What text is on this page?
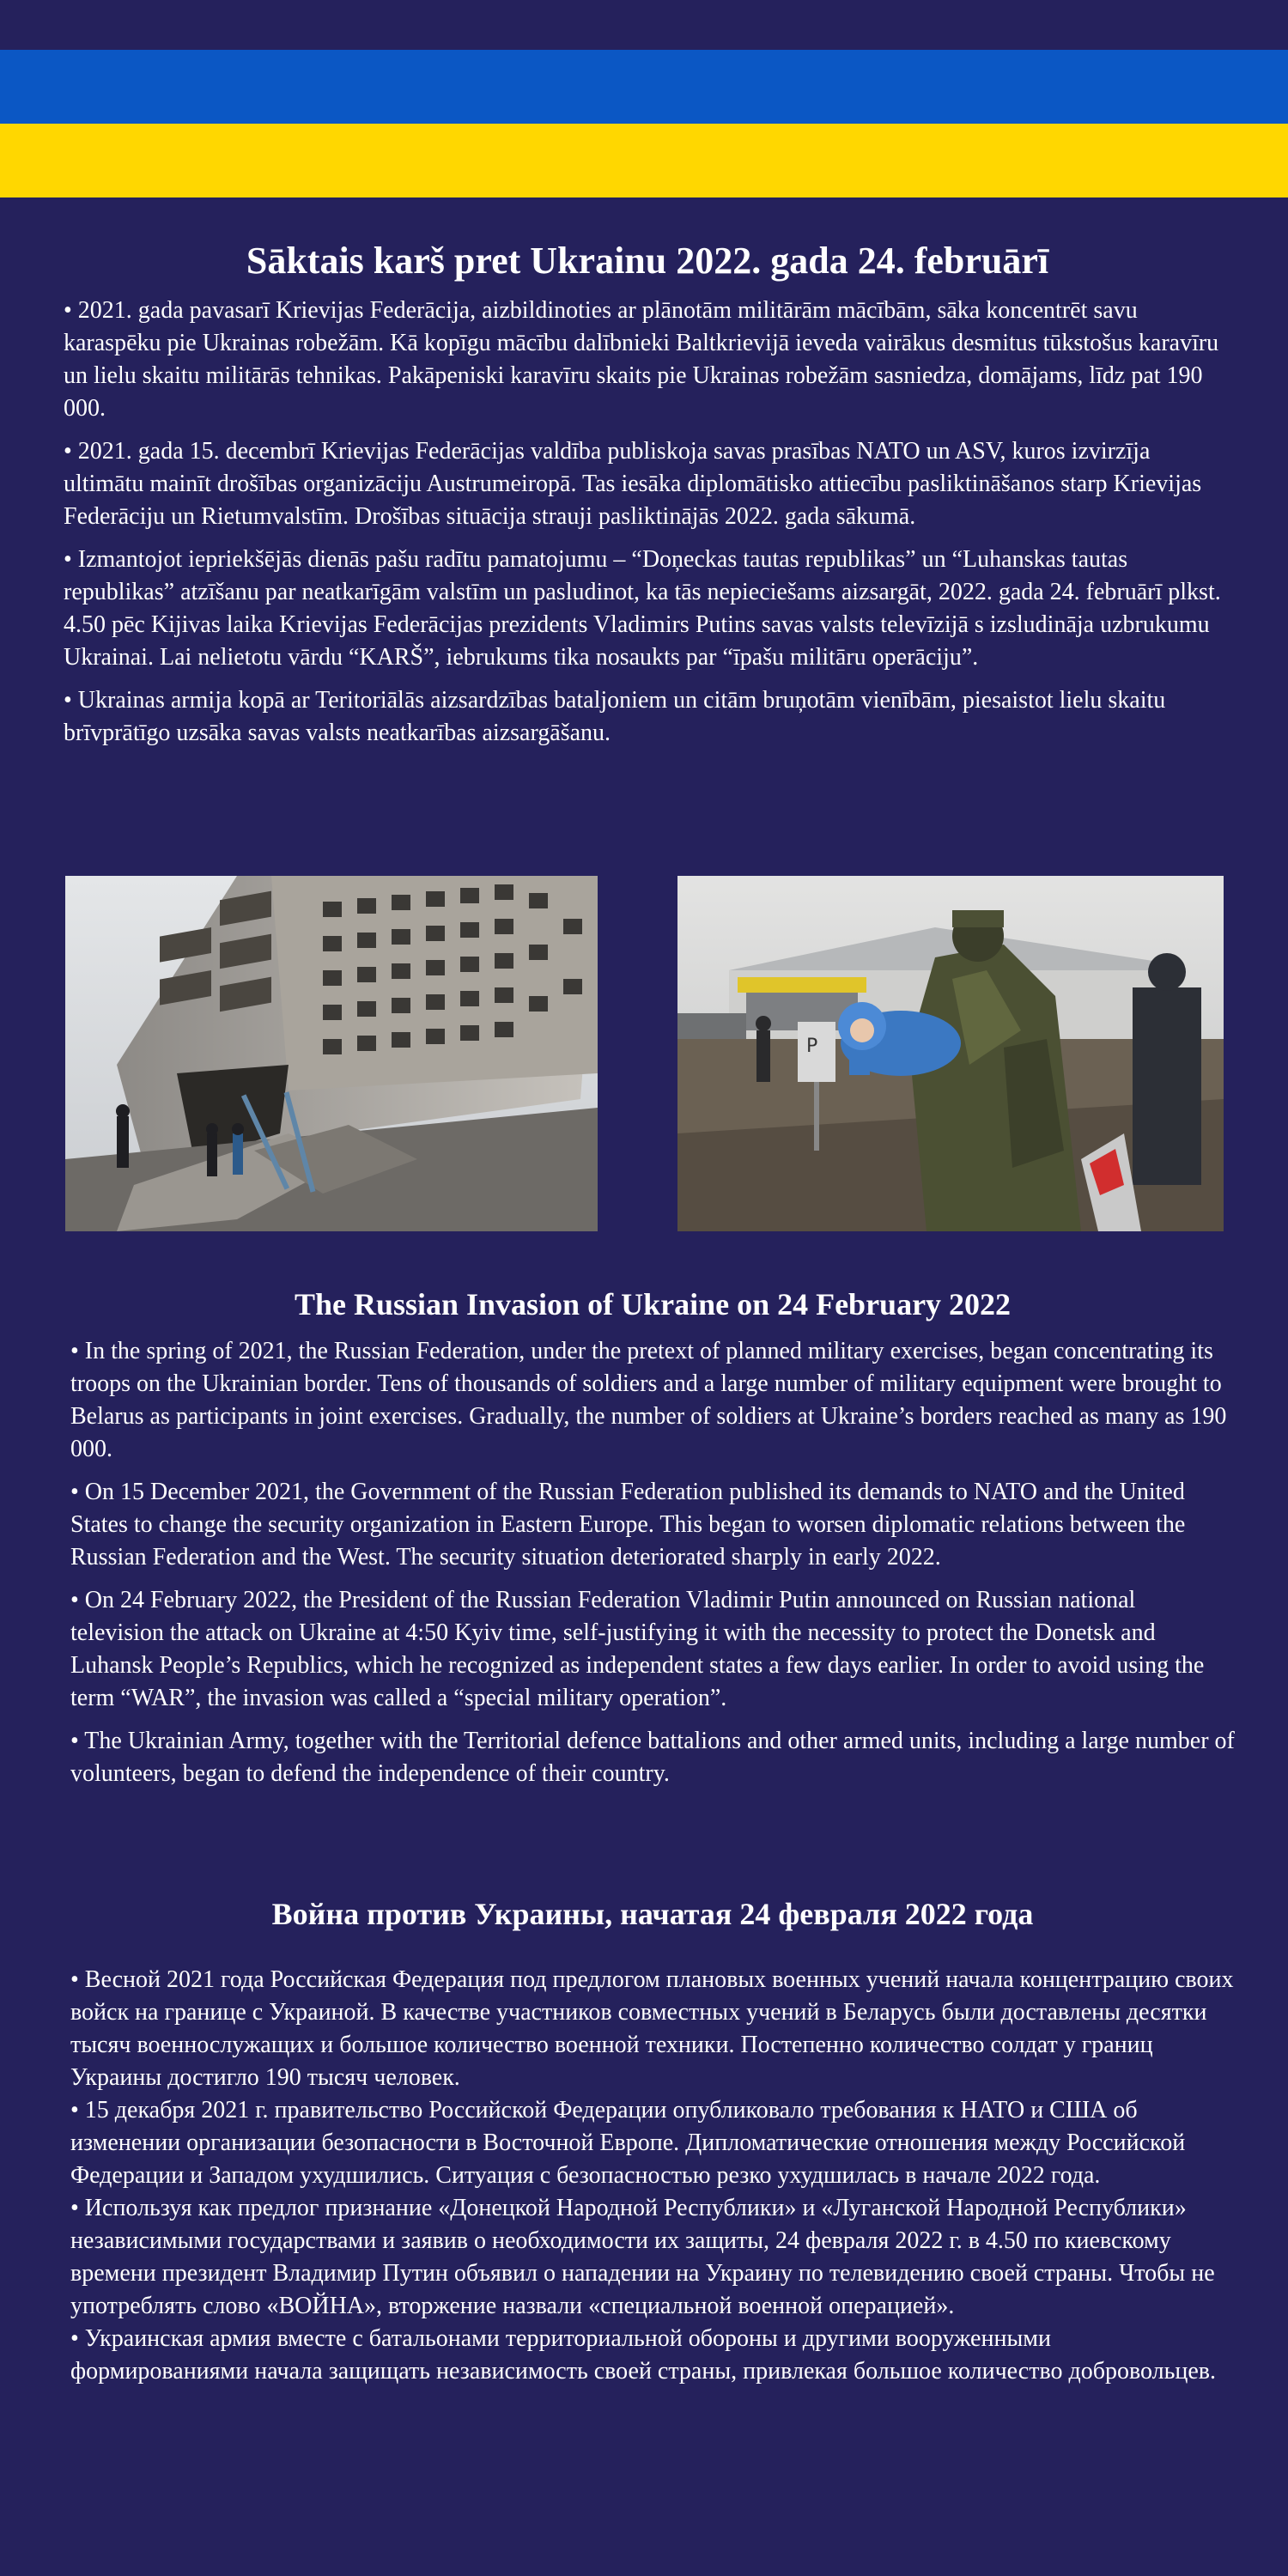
Sāktais karš pret Ukrainu 2022. gada 24. februārī

• 2021. gada pavasarī Krievijas Federācija, aizbildinoties ar plānotām militārām mācībām, sāka koncentrēt savu karaspēku pie Ukrainas robežām. Kā kopīgu mācību dalībnieki Baltkrievijā ieveda vairākus desmitus tūkstošus karavīru un lielu skaitu militārās tehnikas. Pakāpeniski karavīru skaits pie Ukrainas robežām sasniedza, domājams, līdz pat 190 000.

• 2021. gada 15. decembrī Krievijas Federācijas valdība publiskoja savas prasības NATO un ASV, kuros izvirzīja ultimātu mainīt drošības organizāciju Austrumeiropā. Tas iesāka diplomātisko attiecību pasliktināšanos starp Krievijas Federāciju un Rietumvalstīm. Drošības situācija strauji pasliktinājās 2022. gada sākumā.

• Izmantojot iepriekšējās dienās pašu radītu pamatojumu – “Doņeckas tautas republikas” un “Luhanskas tautas republikas” atzīšanu par neatkarīgām valstīm un pasludinot, ka tās nepieciešams aizsargāt, 2022. gada 24. februārī plkst. 4.50 pēc Kijivas laika Krievijas Federācijas prezidents Vladimirs Putins savas valsts televīzijā s izsludināja uzbrukumu Ukrainai. Lai nelietotu vārdu “KARŠ”, iebrukums tika nosaukts par “īpašu militāru operāciju”.

• Ukrainas armija kopā ar Teritoriālās aizsardzības bataljoniem un citām bruņotām vienībām, piesaistot lielu skaitu brīvprātīgo uzsāka savas valsts neatkarības aizsargāšanu.

P
The Russian Invasion of Ukraine on 24 February 2022

• In the spring of 2021, the Russian Federation, under the pretext of planned military exercises, began concentrating its troops on the Ukrainian border. Tens of thousands of soldiers and a large number of military equipment were brought to Belarus as participants in joint exercises. Gradually, the number of soldiers at Ukraine’s borders reached as many as 190 000.

• On 15 December 2021, the Government of the Russian Federation published its demands to NATO and the United States to change the security organization in Eastern Europe. This began to worsen diplomatic relations between the Russian Federation and the West. The security situation deteriorated sharply in early 2022.

• On 24 February 2022, the President of the Russian Federation Vladimir Putin announced on Russian national television the attack on Ukraine at 4:50 Kyiv time, self-justifying it with the necessity to protect the Donetsk and Luhansk People’s Republics, which he recognized as independent states a few days earlier. In order to avoid using the term “WAR”, the invasion was called a “special military operation”.

• The Ukrainian Army, together with the Territorial defence battalions and other armed units, including a large number of volunteers, began to defend the independence of their country.

Война против Украины, начатая 24 февраля 2022 года

• Весной 2021 года Российская Федерация под предлогом плановых военных учений начала концентрацию своих войск на границе с Украиной. В качестве участников совместных учений в Беларусь были доставлены десятки тысяч военнослужащих и большое количество военной техники. Постепенно количество солдат у границ Украины достигло 190 тысяч человек.

• 15 декабря 2021 г. правительство Российской Федерации опубликовало требования к НАТО и США об изменении организации безопасности в Восточной Европе. Дипломатические отношения между Российской Федерации и Западом ухудшились. Ситуация с безопасностью резко ухудшилась в начале 2022 года.

• Используя как предлог признание «Донецкой Народной Республики» и «Луганской Народной Республики» независимыми государствами и заявив о необходимости их защиты, 24 февраля 2022 г. в 4.50 по киевскому времени президент Владимир Путин объявил о нападении на Украину по телевидению своей страны. Чтобы не употреблять слово «ВОЙНА», вторжение назвали «специальной военной операцией».

• Украинская армия вместе с батальонами территориальной обороны и другими вооруженными формированиями начала защищать независимость своей страны, привлекая большое количество добровольцев.
